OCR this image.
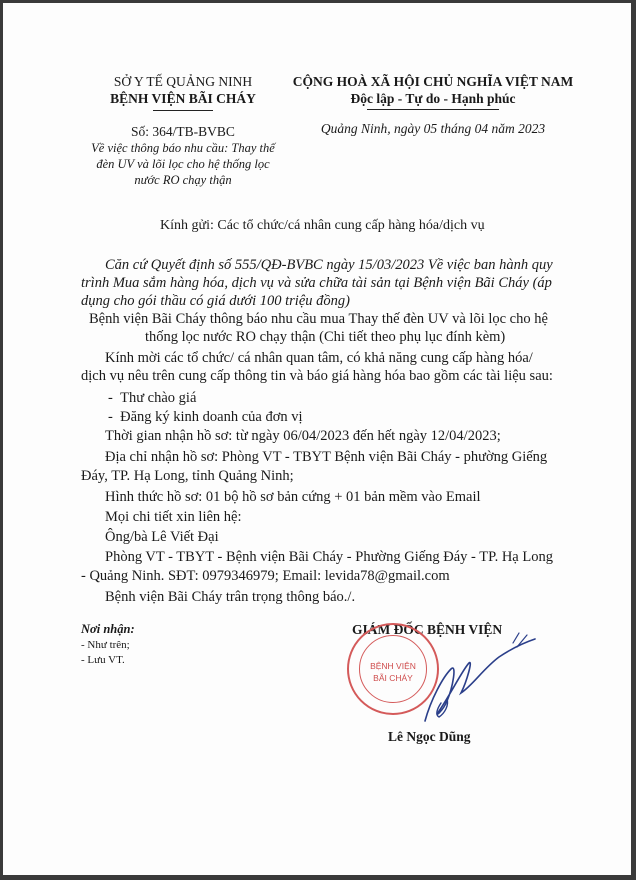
SỞ Y TẾ QUẢNG NINH
BỆNH VIỆN BÃI CHÁY
Số: 364/TB-BVBC
Về việc thông báo nhu cầu: Thay thế
đèn UV và lõi lọc cho hệ thống lọc
nước RO chạy thận
CỘNG HOÀ XÃ HỘI CHỦ NGHĨA VIỆT NAM
Độc lập - Tự do - Hạnh phúc
Quảng Ninh, ngày 05 tháng 04 năm 2023
Kính gửi: Các tổ chức/cá nhân cung cấp hàng hóa/dịch vụ
Căn cứ Quyết định số 555/QĐ-BVBC ngày 15/03/2023 Về việc ban hành quy
trình Mua sắm hàng hóa, dịch vụ và sửa chữa tài sản tại Bệnh viện Bãi Cháy (áp
dụng cho gói thầu có giá dưới 100 triệu đồng)
Bệnh viện Bãi Cháy thông báo nhu cầu mua Thay thế đèn UV và lõi lọc cho hệ
thống lọc nước RO chạy thận (Chi tiết theo phụ lục đính kèm)
Kính mời các tổ chức/ cá nhân quan tâm, có khả năng cung cấp hàng hóa/
dịch vụ nêu trên cung cấp thông tin và báo giá hàng hóa bao gồm các tài liệu sau:
-  Thư chào giá
-  Đăng ký kinh doanh của đơn vị
Thời gian nhận hồ sơ: từ ngày 06/04/2023 đến hết ngày 12/04/2023;
Địa chỉ nhận hồ sơ: Phòng VT - TBYT Bệnh viện Bãi Cháy - phường Giếng
Đáy, TP. Hạ Long, tỉnh Quảng Ninh;
Hình thức hồ sơ: 01 bộ hồ sơ bản cứng + 01 bản mềm vào Email
Mọi chi tiết xin liên hệ:
Ông/bà Lê Viết Đại
Phòng VT - TBYT - Bệnh viện Bãi Cháy - Phường Giếng Đáy - TP. Hạ Long
- Quảng Ninh. SĐT: 0979346979; Email: levida78@gmail.com
Bệnh viện Bãi Cháy trân trọng thông báo./.
Nơi nhận:
- Như trên;
- Lưu VT.
GIÁM ĐỐC BỆNH VIỆN
BỆNH VIỆN
BÃI CHÁY
Lê Ngọc Dũng
